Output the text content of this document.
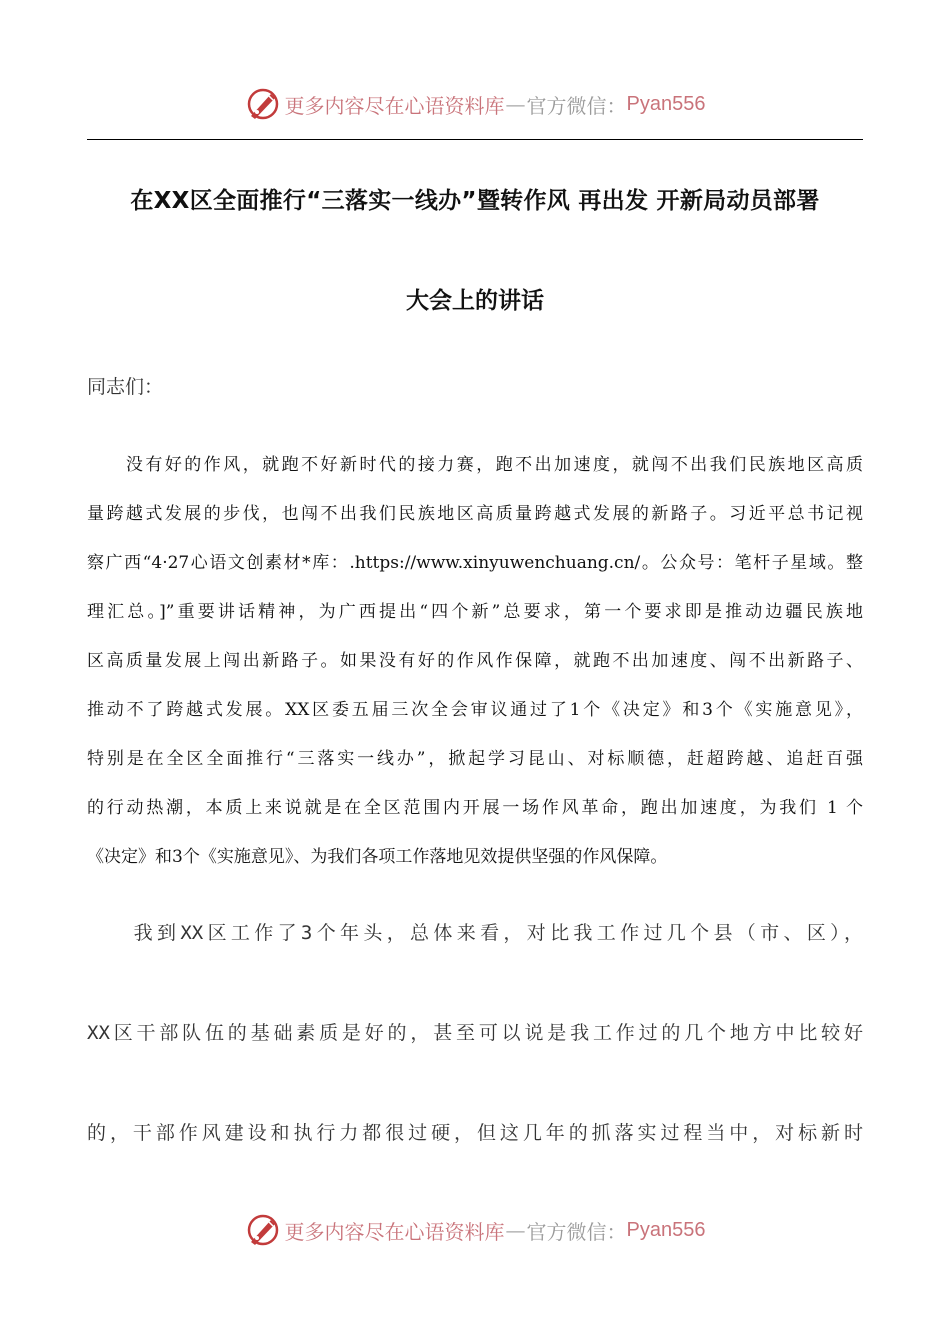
更多内容尽在心语资料库 — 官方微信： Pyan556
在XX区全面推行“三落实一线办”暨转作风 再出发 开新局动员部署
大会上的讲话

同志们：

　　没有好的作风，就跑不好新时代的接力赛，跑不出加速度，就闯不出我们民族地区高质
量跨越式发展的步伐，也闯不出我们民族地区高质量跨越式发展的新路子。习近平总书记视
察广西“4·27心语文创素材*库：.https://www.xinyuwenchuang.cn/。公众号：笔杆子星域。整
理汇总。]”重要讲话精神，为广西提出“四个新”总要求，第一个要求即是推动边疆民族地
区高质量发展上闯出新路子。如果没有好的作风作保障，就跑不出加速度、闯不出新路子、
推动不了跨越式发展。XX区委五届三次全会审议通过了1个《决定》和3个《实施意见》，
特别是在全区全面推行“三落实一线办”，掀起学习昆山、对标顺德，赶超跨越、追赶百强
的行动热潮，本质上来说就是在全区范围内开展一场作风革命，跑出加速度，为我们 1 个
《决定》和3个《实施意见》、为我们各项工作落地见效提供坚强的作风保障。
　　我到XX区工作了3个年头，总体来看，对比我工作过几个县（市、区），
XX区干部队伍的基础素质是好的，甚至可以说是我工作过的几个地方中比较好
的，干部作风建设和执行力都很过硬，但这几年的抓落实过程当中，对标新时
更多内容尽在心语资料库 — 官方微信： Pyan556
